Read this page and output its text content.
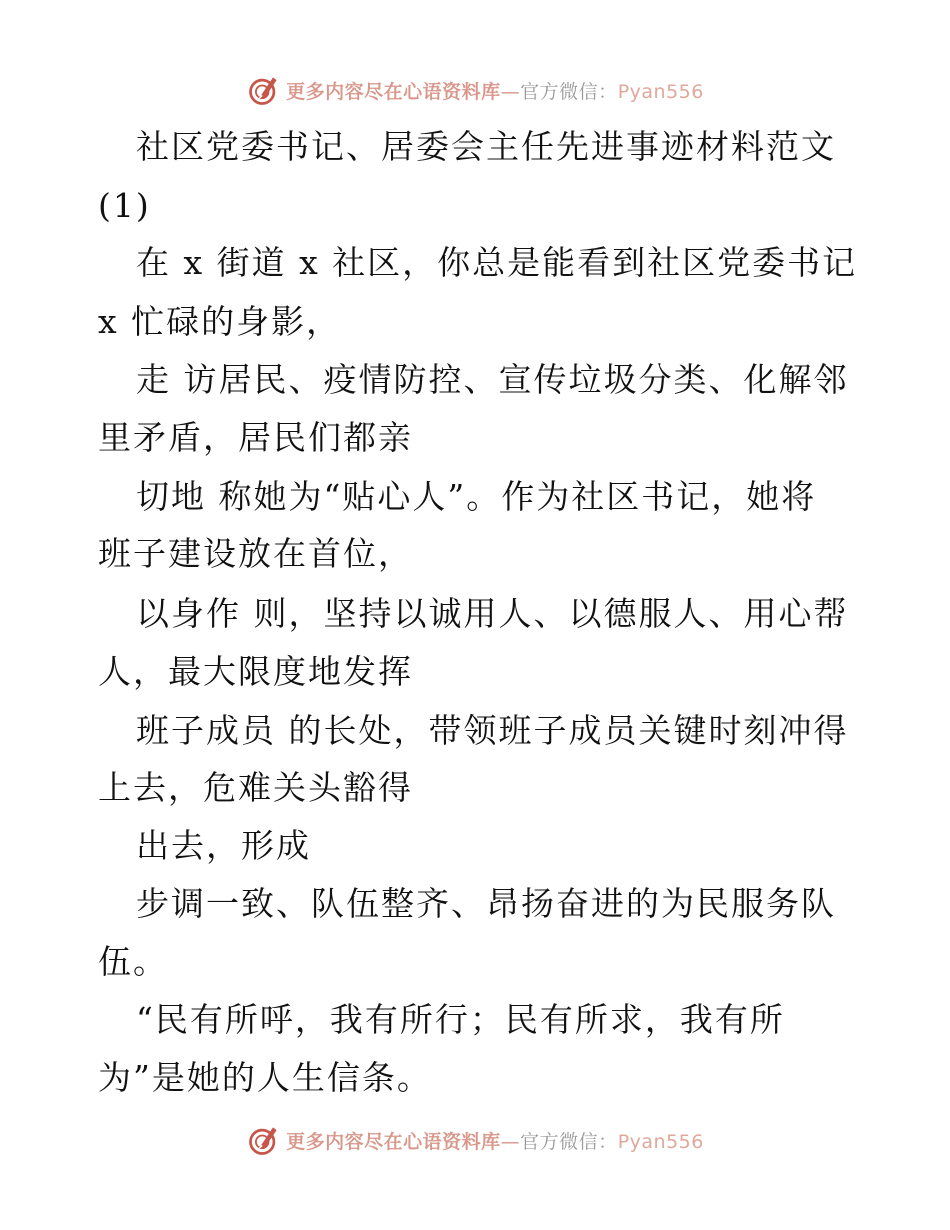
更多内容尽在心语资料库—官方微信：Pyan556
社区党委书记、居委会主任先进事迹材料范文
(1)
在 x 街道 x 社区，你总是能看到社区党委书记
x 忙碌的身影，
走 访居民、疫情防控、宣传垃圾分类、化解邻
里矛盾，居民们都亲
切地 称她为“贴心人”。作为社区书记，她将
班子建设放在首位，
以身作 则，坚持以诚用人、以德服人、用心帮
人，最大限度地发挥
班子成员 的长处，带领班子成员关键时刻冲得
上去，危难关头豁得
出去，形成
步调一致、队伍整齐、昂扬奋进的为民服务队
伍。
“民有所呼，我有所行；民有所求，我有所
为”是她的人生信条。
更多内容尽在心语资料库—官方微信：Pyan556
